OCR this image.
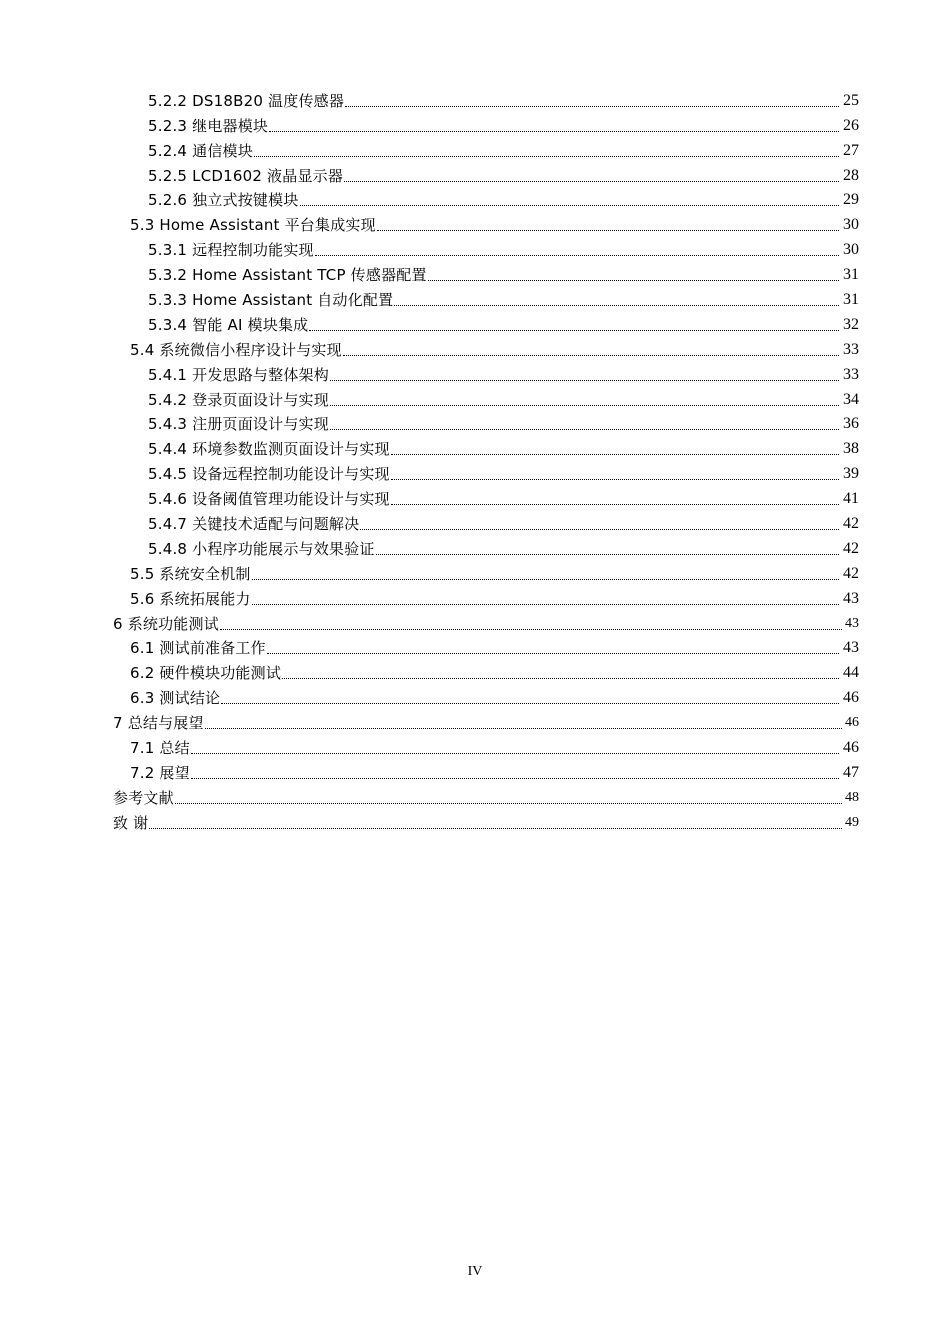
5.2.2 DS18B20 温度传感器	25
5.2.3 继电器模块	26
5.2.4 通信模块	27
5.2.5 LCD1602 液晶显示器	28
5.2.6 独立式按键模块	29
5.3 Home Assistant 平台集成实现	30
5.3.1 远程控制功能实现	30
5.3.2 Home Assistant TCP 传感器配置	31
5.3.3 Home Assistant 自动化配置	31
5.3.4 智能 AI 模块集成	32
5.4 系统微信小程序设计与实现	33
5.4.1 开发思路与整体架构	33
5.4.2 登录页面设计与实现	34
5.4.3 注册页面设计与实现	36
5.4.4 环境参数监测页面设计与实现	38
5.4.5 设备远程控制功能设计与实现	39
5.4.6 设备阈值管理功能设计与实现	41
5.4.7 关键技术适配与问题解决	42
5.4.8 小程序功能展示与效果验证	42
5.5 系统安全机制	42
5.6 系统拓展能力	43
6 系统功能测试	43
6.1 测试前准备工作	43
6.2 硬件模块功能测试	44
6.3 测试结论	46
7 总结与展望	46
7.1 总结	46
7.2 展望	47
参考文献	48
致 谢	49
IV
